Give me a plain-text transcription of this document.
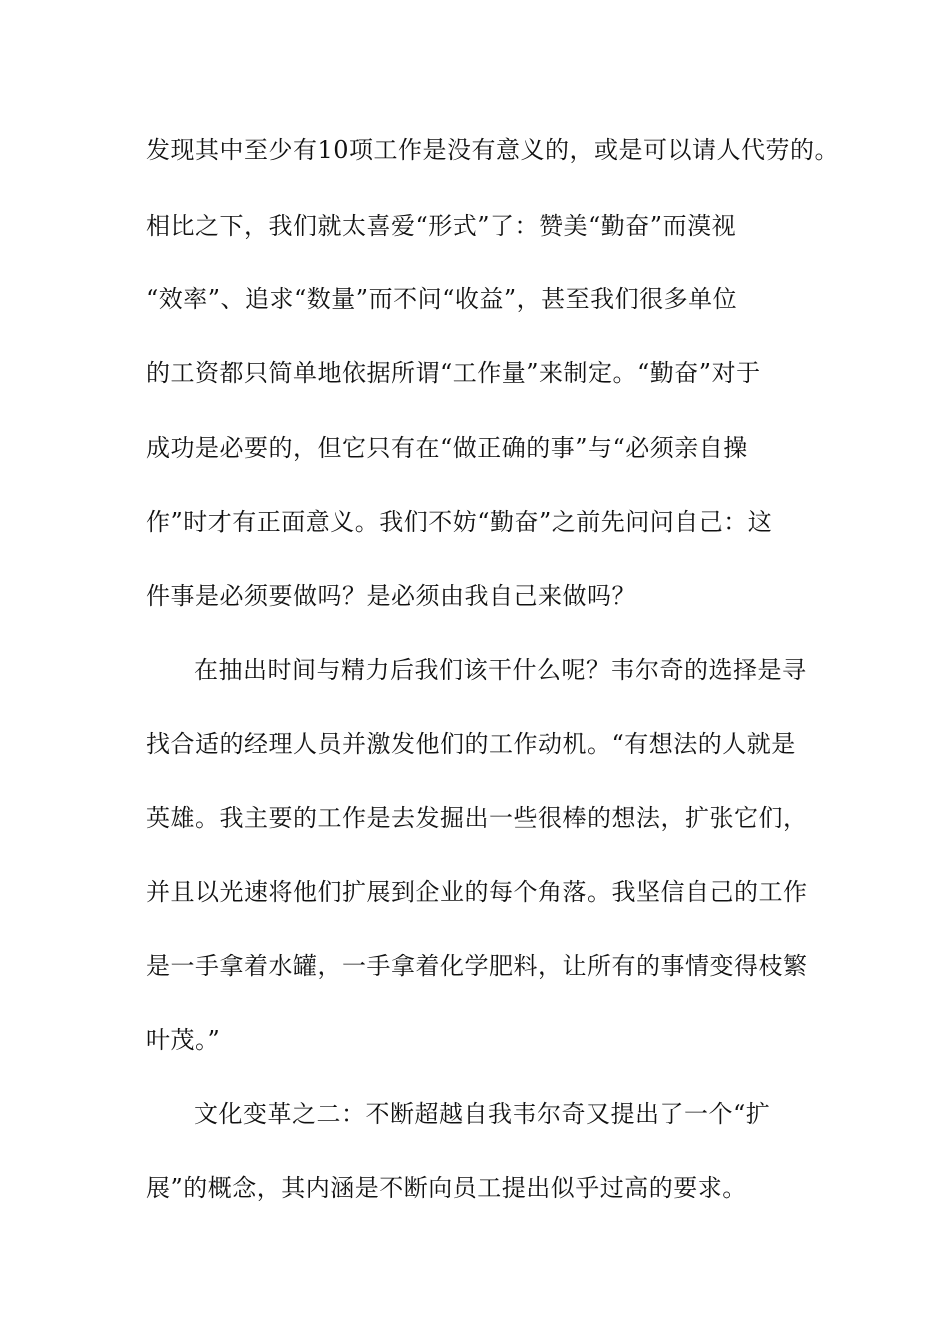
发现其中至少有10项工作是没有意义的，或是可以请人代劳的。
相比之下，我们就太喜爱“形式”了：赞美“勤奋”而漠视
“效率”、追求“数量”而不问“收益”，甚至我们很多单位
的工资都只简单地依据所谓“工作量”来制定。“勤奋”对于
成功是必要的，但它只有在“做正确的事”与“必须亲自操
作”时才有正面意义。我们不妨“勤奋”之前先问问自己：这
件事是必须要做吗？是必须由我自己来做吗？
在抽出时间与精力后我们该干什么呢？韦尔奇的选择是寻
找合适的经理人员并激发他们的工作动机。“有想法的人就是
英雄。我主要的工作是去发掘出一些很棒的想法，扩张它们，
并且以光速将他们扩展到企业的每个角落。我坚信自己的工作
是一手拿着水罐，一手拿着化学肥料，让所有的事情变得枝繁
叶茂。”
文化变革之二：不断超越自我韦尔奇又提出了一个“扩
展”的概念，其内涵是不断向员工提出似乎过高的要求。
